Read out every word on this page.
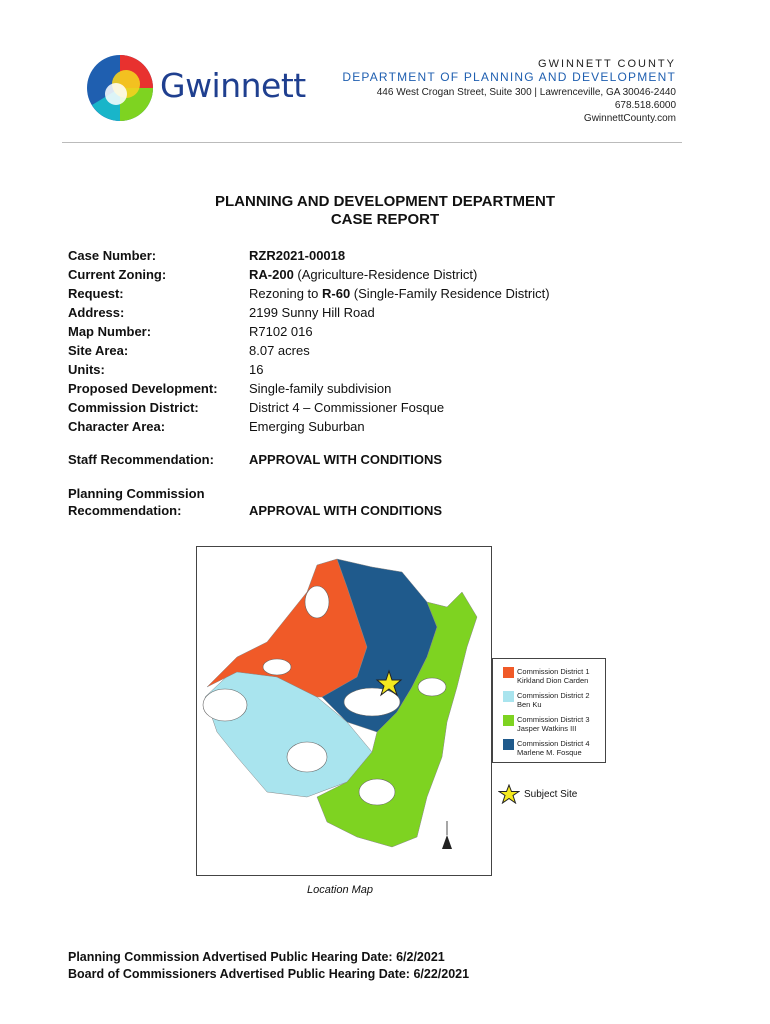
Gwinnett
GWINNETT COUNTY
DEPARTMENT OF PLANNING AND DEVELOPMENT
446 West Crogan Street, Suite 300 | Lawrenceville, GA 30046-2440
678.518.6000
GwinnettCounty.com
PLANNING AND DEVELOPMENT DEPARTMENT
CASE REPORT
Case Number:	RZR2021-00018
Current Zoning:	RA-200 (Agriculture-Residence District)
Request:	Rezoning to R-60 (Single-Family Residence District)
Address:	2199 Sunny Hill Road
Map Number:	R7102 016
Site Area:	8.07 acres
Units:	16
Proposed Development:	Single-family subdivision
Commission District:	District 4 – Commissioner Fosque
Character Area:	Emerging Suburban
Staff Recommendation:	APPROVAL WITH CONDITIONS
Planning Commission
Recommendation:	APPROVAL WITH CONDITIONS
Commission District 1
Kirkland Dion Carden
Commission District 2
Ben Ku
Commission District 3
Jasper Watkins III
Commission District 4
Marlene M. Fosque
Subject Site
Location Map
Planning Commission Advertised Public Hearing Date: 6/2/2021
Board of Commissioners Advertised Public Hearing Date: 6/22/2021
